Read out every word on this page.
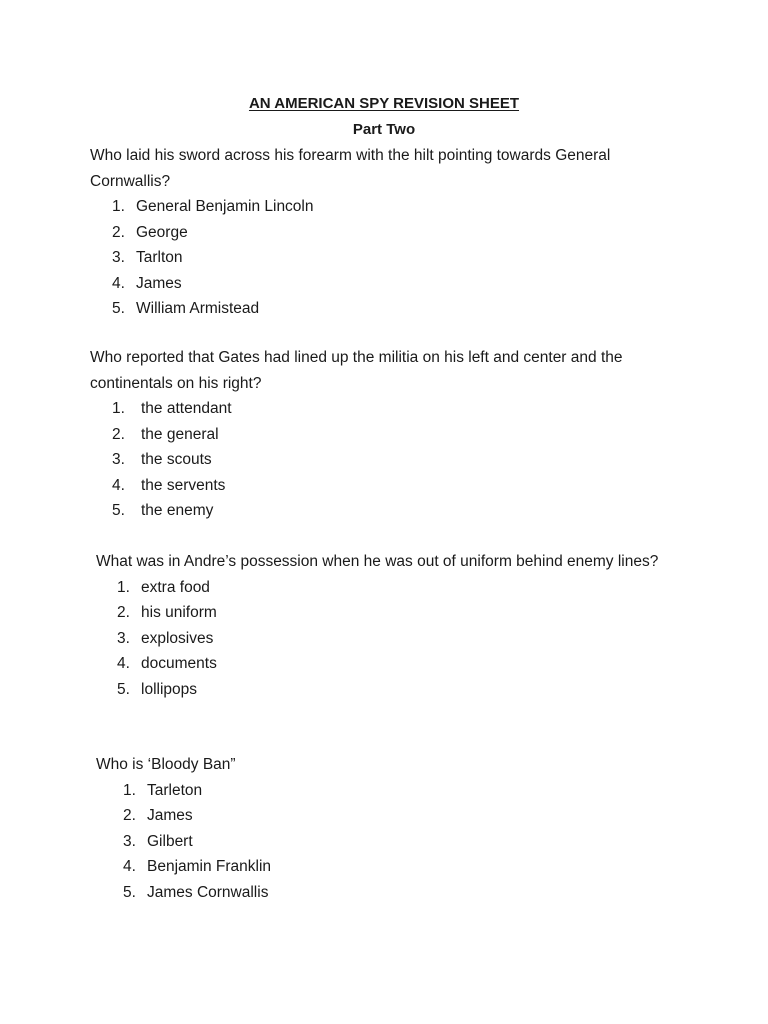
AN AMERICAN SPY REVISION SHEET
Part Two

Who laid his sword across his forearm with the hilt pointing towards General Cornwallis?

1. General Benjamin Lincoln
2. George
3. Tarlton
4. James
5. William Armistead

Who reported that Gates had lined up the militia on his left and center and the continentals on his right?

1.	the attendant
2.	the general
3.	the scouts
4.	the servents
5.	the enemy

What was in Andre’s possession when he was out of uniform behind enemy lines?

1. extra food
2. his uniform
3. explosives
4. documents
5. lollipops

Who is ‘Bloody Ban”

1. Tarleton
2. James
3. Gilbert
4. Benjamin Franklin
5. James Cornwallis
